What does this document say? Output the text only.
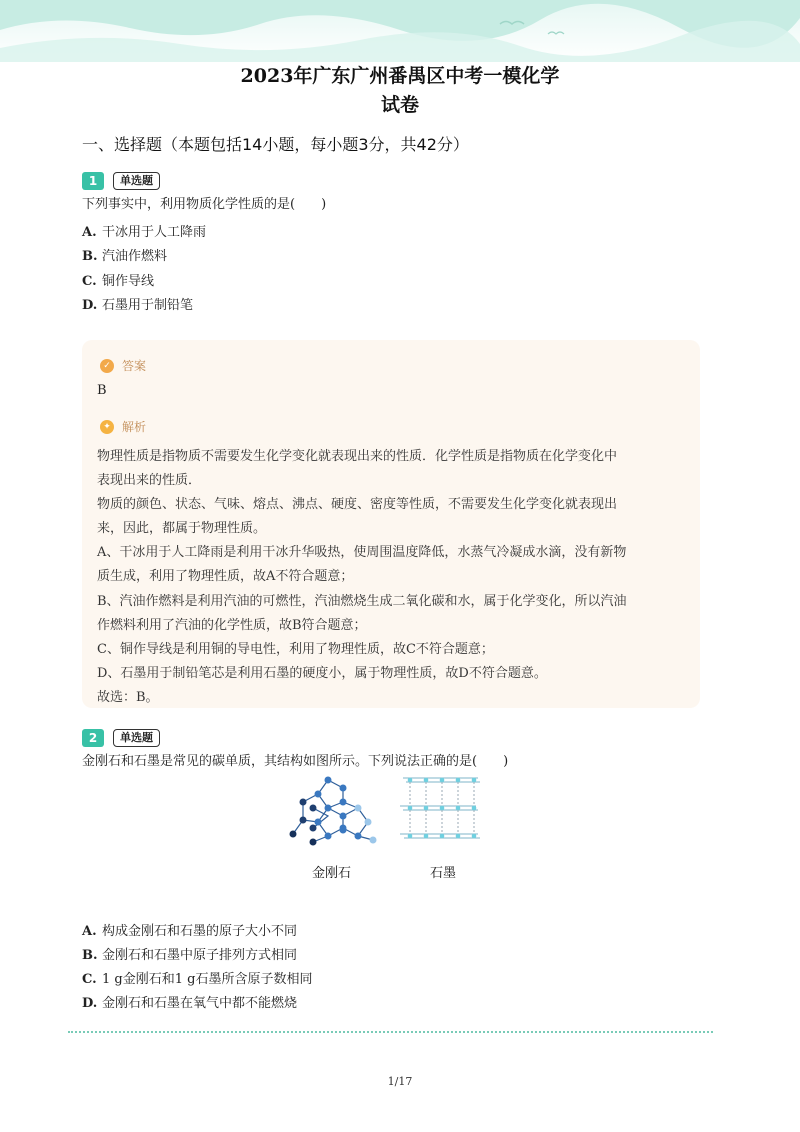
2023年广东广州番禺区中考一模化学
试卷
一、选择题（本题包括14小题，每小题3分，共42分）
1	单选题
下列事实中，利用物质化学性质的是(　　)
A. 干冰用于人工降雨
B. 汽油作燃料
C. 铜作导线
D. 石墨用于制铅笔
✓ 答案
B
✦ 解析
物理性质是指物质不需要发生化学变化就表现出来的性质．化学性质是指物质在化学变化中
表现出来的性质．
物质的颜色、状态、气味、熔点、沸点、硬度、密度等性质，不需要发生化学变化就表现出
来，因此，都属于物理性质。
A、干冰用于人工降雨是利用干冰升华吸热，使周围温度降低，水蒸气冷凝成水滴，没有新物
质生成，利用了物理性质，故A不符合题意；
B、汽油作燃料是利用汽油的可燃性，汽油燃烧生成二氧化碳和水，属于化学变化，所以汽油
作燃料利用了汽油的化学性质，故B符合题意；
C、铜作导线是利用铜的导电性，利用了物理性质，故C不符合题意；
D、石墨用于制铅笔芯是利用石墨的硬度小，属于物理性质，故D不符合题意。
故选：B。
2	单选题
金刚石和石墨是常见的碳单质，其结构如图所示。下列说法正确的是(　　)
金刚石	石墨
A. 构成金刚石和石墨的原子大小不同
B. 金刚石和石墨中原子排列方式相同
C. 1 g金刚石和1 g石墨所含原子数相同
D. 金刚石和石墨在氧气中都不能燃烧
1/17
